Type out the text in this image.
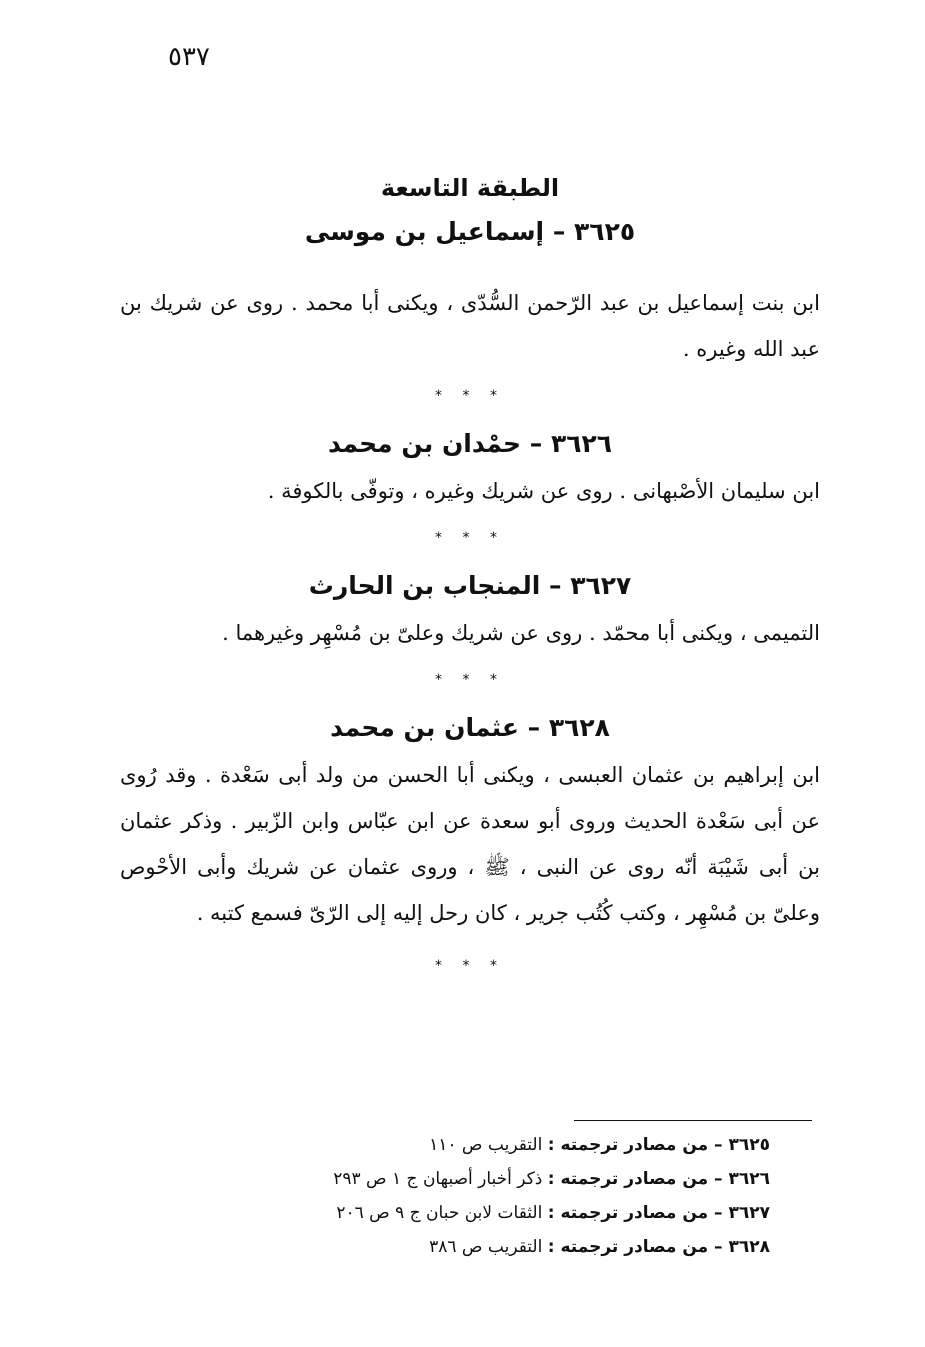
٥٣٧
الطبقة التاسعة
٣٦٢٥ – إسماعيل بن موسى

ابن بنت إسماعيل بن عبد الرّحمن السُّدّى ، ويكنى أبا محمد . روى عن شريك بن عبد الله وغيره .

* * *
٣٦٢٦ – حمْدان بن محمد

ابن سليمان الأصْبهانى . روى عن شريك وغيره ، وتوفّى بالكوفة .

* * *
٣٦٢٧ – المنجاب بن الحارث

التميمى ، ويكنى أبا محمّد . روى عن شريك وعلىّ بن مُسْهِر وغيرهما .

* * *
٣٦٢٨ – عثمان بن محمد

ابن إبراهيم بن عثمان العبسى ، ويكنى أبا الحسن من ولد أبى سَعْدة . وقد رُوى عن أبى سَعْدة الحديث وروى أبو سعدة عن ابن عبّاس وابن الزّبير . وذكر عثمان بن أبى شَيْبَة أنّه روى عن النبى ، ﷺ ، وروى عثمان عن شريك وأبى الأحْوص وعلىّ بن مُسْهِر ، وكتب كُتُب جرير ، كان رحل إليه إلى الرّىّ فسمع كتبه .

* * *
٣٦٢٥ – من مصادر ترجمته : التقريب ص ١١٠
٣٦٢٦ – من مصادر ترجمته : ذكر أخبار أصبهان ج ١ ص ٢٩٣
٣٦٢٧ – من مصادر ترجمته : الثقات لابن حبان ج ٩ ص ٢٠٦
٣٦٢٨ – من مصادر ترجمته : التقريب ص ٣٨٦
